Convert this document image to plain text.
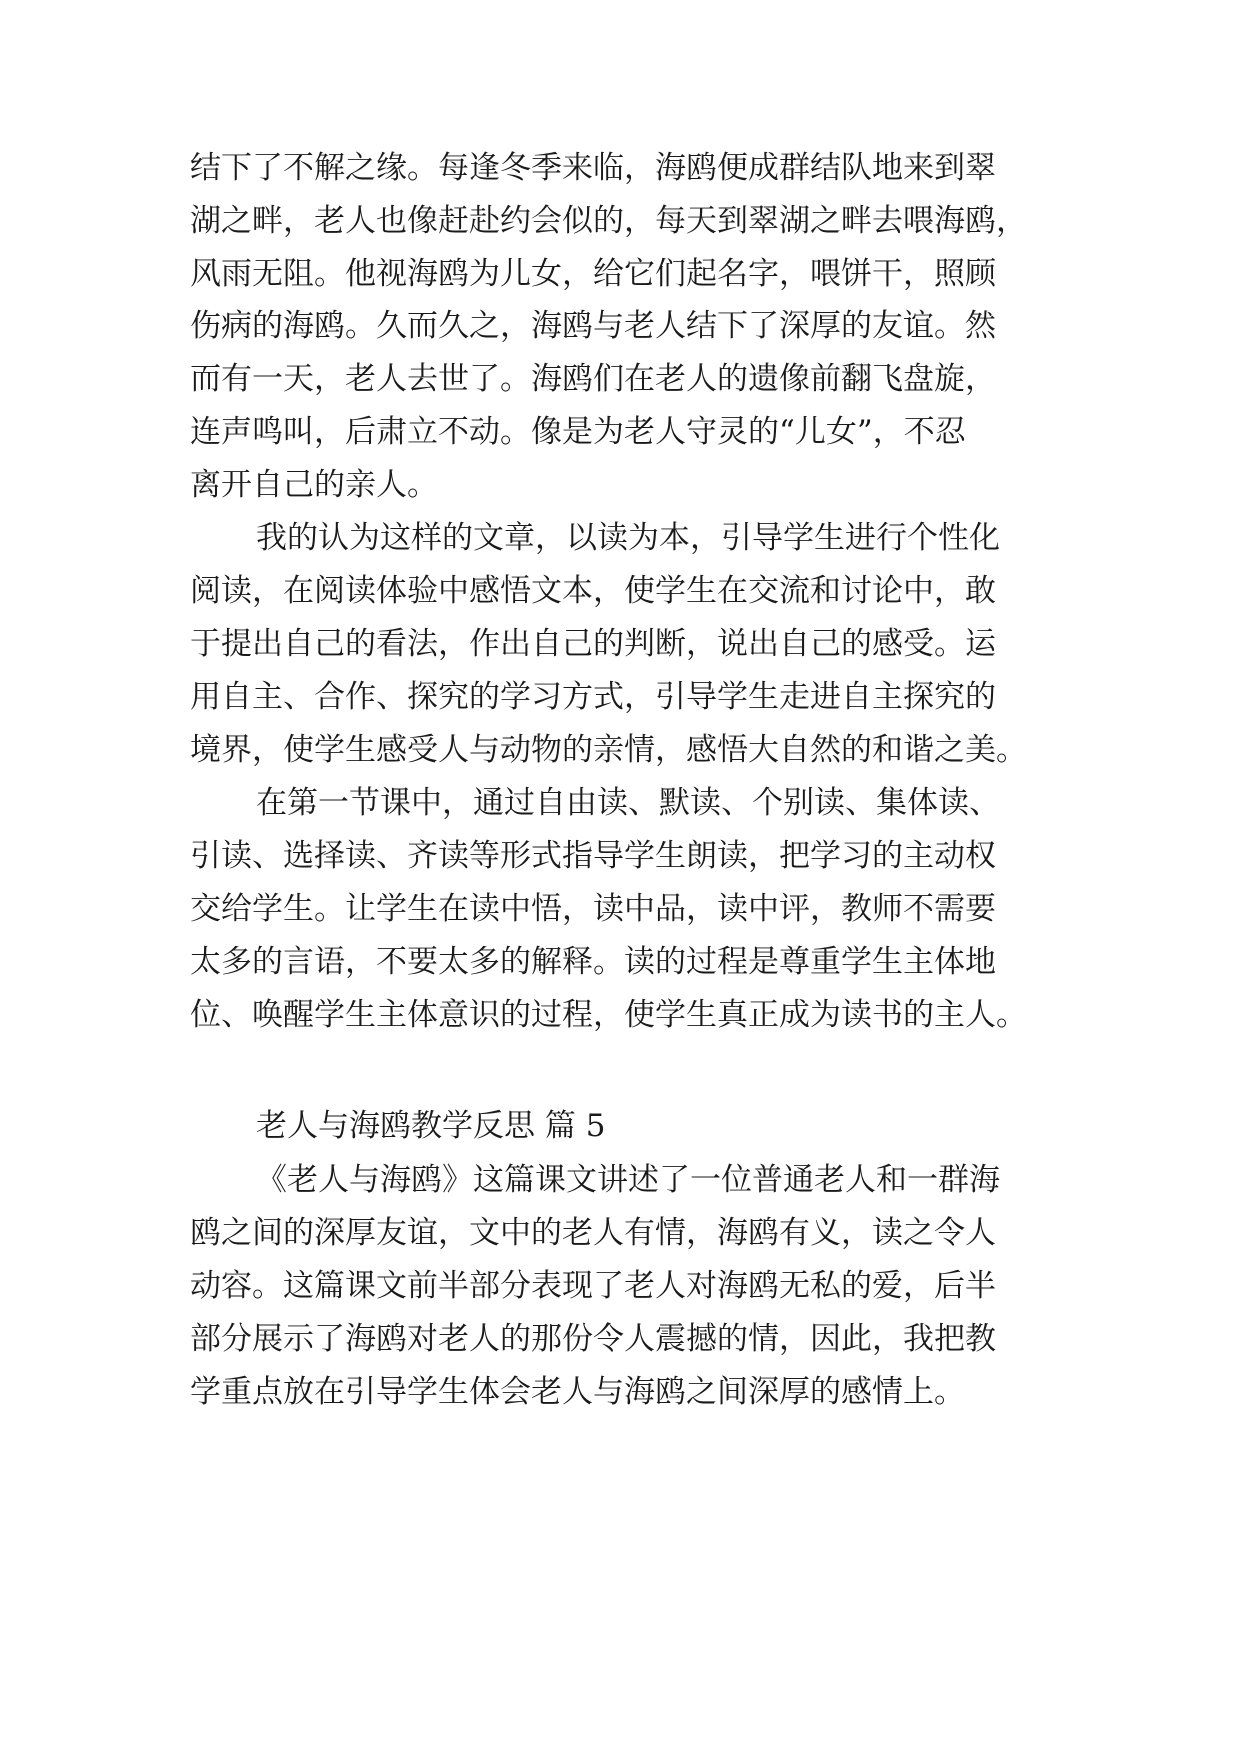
结下了不解之缘。每逢冬季来临，海鸥便成群结队地来到翠
湖之畔，老人也像赶赴约会似的，每天到翠湖之畔去喂海鸥，
风雨无阻。他视海鸥为儿女，给它们起名字，喂饼干，照顾
伤病的海鸥。久而久之，海鸥与老人结下了深厚的友谊。然
而有一天，老人去世了。海鸥们在老人的遗像前翻飞盘旋，
连声鸣叫，后肃立不动。像是为老人守灵的“儿女”，不忍
离开自己的亲人。
我的认为这样的文章，以读为本，引导学生进行个性化
阅读，在阅读体验中感悟文本，使学生在交流和讨论中，敢
于提出自己的看法，作出自己的判断，说出自己的感受。运
用自主、合作、探究的学习方式，引导学生走进自主探究的
境界，使学生感受人与动物的亲情，感悟大自然的和谐之美。
在第一节课中，通过自由读、默读、个别读、集体读、
引读、选择读、齐读等形式指导学生朗读，把学习的主动权
交给学生。让学生在读中悟，读中品，读中评，教师不需要
太多的言语，不要太多的解释。读的过程是尊重学生主体地
位、唤醒学生主体意识的过程，使学生真正成为读书的主人。
老人与海鸥教学反思 篇 5
《老人与海鸥》这篇课文讲述了一位普通老人和一群海
鸥之间的深厚友谊，文中的老人有情，海鸥有义，读之令人
动容。这篇课文前半部分表现了老人对海鸥无私的爱，后半
部分展示了海鸥对老人的那份令人震撼的情，因此，我把教
学重点放在引导学生体会老人与海鸥之间深厚的感情上。
